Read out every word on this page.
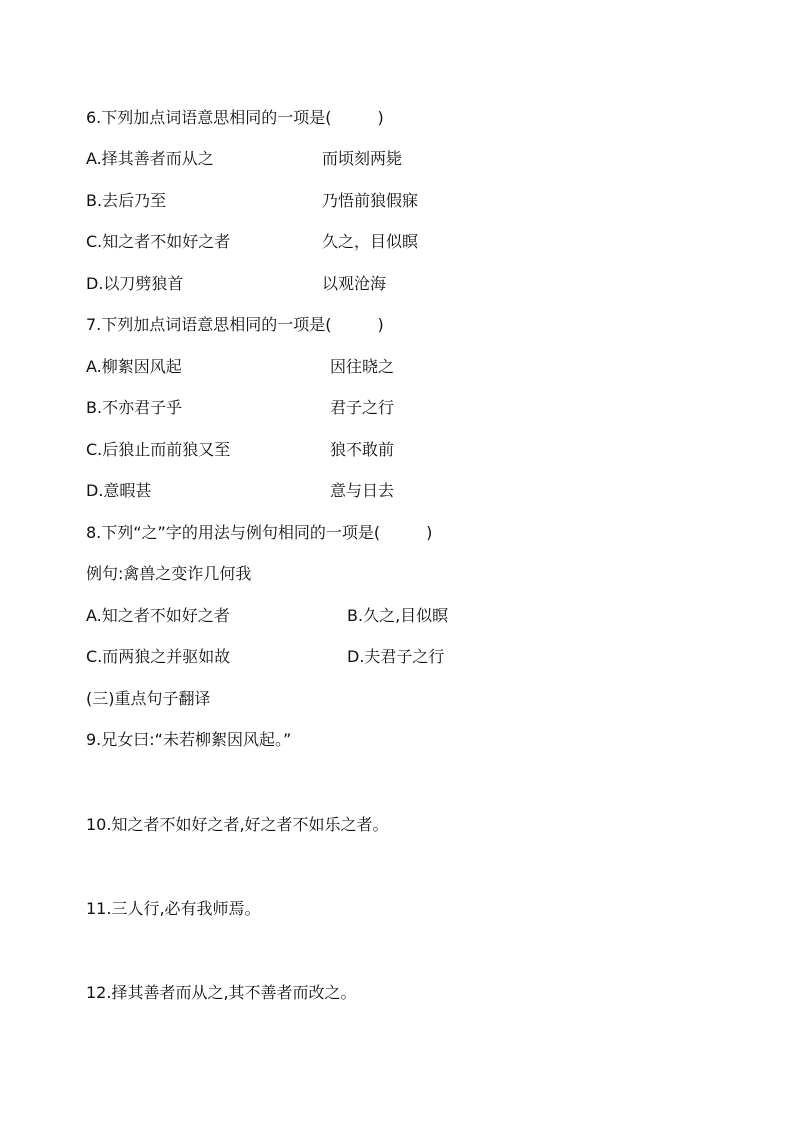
6.下列加点词语意思相同的一项是(	)
A.择其善者而从之	而顷刻两毙
B.去后乃至	乃悟前狼假寐
C.知之者不如好之者	久之，目似瞑
D.以刀劈狼首	以观沧海
7.下列加点词语意思相同的一项是(	)
A.柳絮因风起	因往晓之
B.不亦君子乎	君子之行
C.后狼止而前狼又至	狼不敢前
D.意暇甚	意与日去
8.下列“之”字的用法与例句相同的一项是(	)
例句:禽兽之变诈几何我
A.知之者不如好之者	B.久之,目似瞑
C.而两狼之并驱如故	D.夫君子之行
(三)重点句子翻译
9.兄女曰:“未若柳絮因风起。”
10.知之者不如好之者,好之者不如乐之者。
11.三人行,必有我师焉。
12.择其善者而从之,其不善者而改之。
